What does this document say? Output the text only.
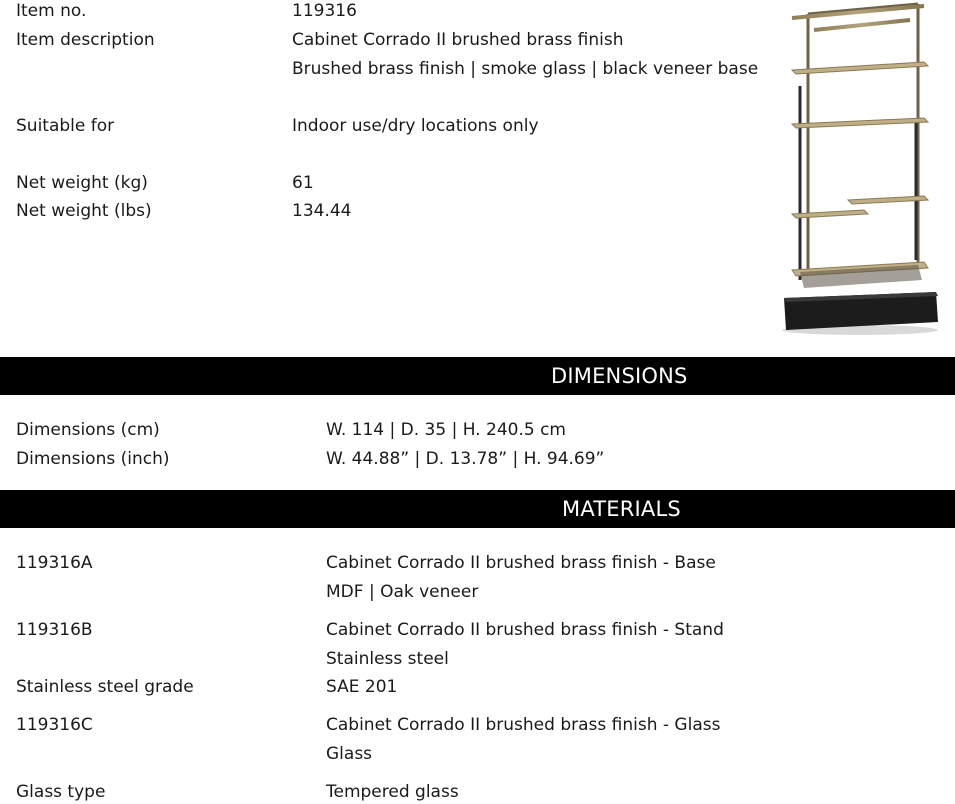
Item no.	119316
Item description	Cabinet Corrado II brushed brass finish
Brushed brass finish | smoke glass | black veneer base
Suitable for	Indoor use/dry locations only
Net weight (kg)	61
Net weight (lbs)	134.44
DIMENSIONS
Dimensions (cm)	W. 114 | D. 35 | H. 240.5 cm
Dimensions (inch)	W. 44.88” | D. 13.78” | H. 94.69”
MATERIALS
119316A	Cabinet Corrado II brushed brass finish - Base
MDF | Oak veneer
119316B	Cabinet Corrado II brushed brass finish - Stand
Stainless steel
Stainless steel grade	SAE 201
119316C	Cabinet Corrado II brushed brass finish - Glass
Glass
Glass type	Tempered glass
